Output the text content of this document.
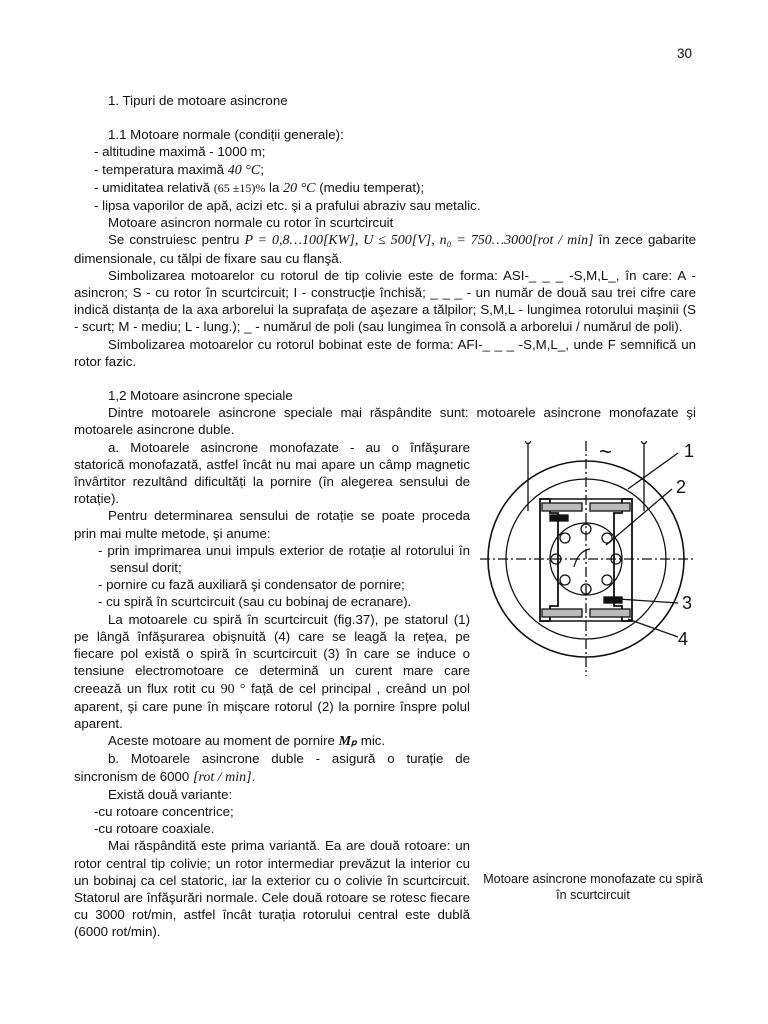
30

1. Tipuri de motoare asincrone

1.1 Motoare normale (condiții generale):

- altitudine maximă - 1000 m;

- temperatura maximă 40 °C;

- umiditatea relativă (65 ±15)% la 20 °C (mediu temperat);

- lipsa vaporilor de apă, acizi etc. şi a prafului abraziv sau metalic.

Motoare asincron normale cu rotor în scurtcircuit

Se construiesc pentru P = 0,8…100[KW], U ≤ 500[V], n₀ = 750…3000[rot / min] în zece gabarite dimensionale, cu tălpi de fixare sau cu flanşă.

Simbolizarea motoarelor cu rotorul de tip colivie este de forma: ASI-_ _ _ -S,M,L_, în care: A - asincron; S - cu rotor în scurtcircuit; I - construcție închisă; _ _ _ - un număr de două sau trei cifre care indică distanța de la axa arborelui la suprafața de aşezare a tălpilor; S,M,L - lungimea rotorului maşinii (S - scurt; M - mediu; L - lung.); _ - numărul de poli (sau lungimea în consolă a arborelui / numărul de poli).

Simbolizarea motoarelor cu rotorul bobinat este de forma: AFI-_ _ _ -S,M,L_, unde F semnifică un rotor fazic.

1,2 Motoare asincrone speciale

Dintre motoarele asincrone speciale mai răspândite sunt: motoarele asincrone monofazate şi motoarele asincrone duble.

~	1
2
3
4
Motoare asincrone monofazate cu spiră în scurtcircuit

a. Motoarele asincrone monofazate - au o înfăşurare statorică monofazată, astfel încât nu mai apare un câmp magnetic învârtitor rezultând dificultăți la pornire (în alegerea sensului de rotație).

Pentru determinarea sensului de rotație se poate proceda prin mai multe metode, şi anume:

- prin imprimarea unui impuls exterior de rotație al rotorului în sensul dorit;

- pornire cu fază auxiliară şi condensator de pornire;

- cu spiră în scurtcircuit (sau cu bobinaj de ecranare).

La motoarele cu spiră în scurtcircuit (fig.37), pe statorul (1) pe lângă înfăşurarea obişnuită (4) care se leagă la rețea, pe fiecare pol există o spiră în scurtcircuit (3) în care se induce o tensiune electromotoare ce determină un curent mare care creează un flux rotit cu 90 ° față de cel principal , creând un pol aparent, şi care pune în mişcare rotorul (2) la pornire înspre polul aparent.

Aceste motoare au moment de pornire Mₚ mic.

b. Motoarele asincrone duble - asigură o turație de sincronism de 6000 [rot / min].

Există două variante:

-cu rotoare concentrice;

-cu rotoare coaxiale.

Mai răspândită este prima variantă. Ea are două rotoare: un rotor central tip colivie; un rotor intermediar prevăzut la interior cu un bobinaj ca cel statoric, iar la exterior cu o colivie în scurtcircuit. Statorul are înfăşurări normale. Cele două rotoare se rotesc fiecare cu 3000 rot/min, astfel încât turația rotorului central este dublă (6000 rot/min).
